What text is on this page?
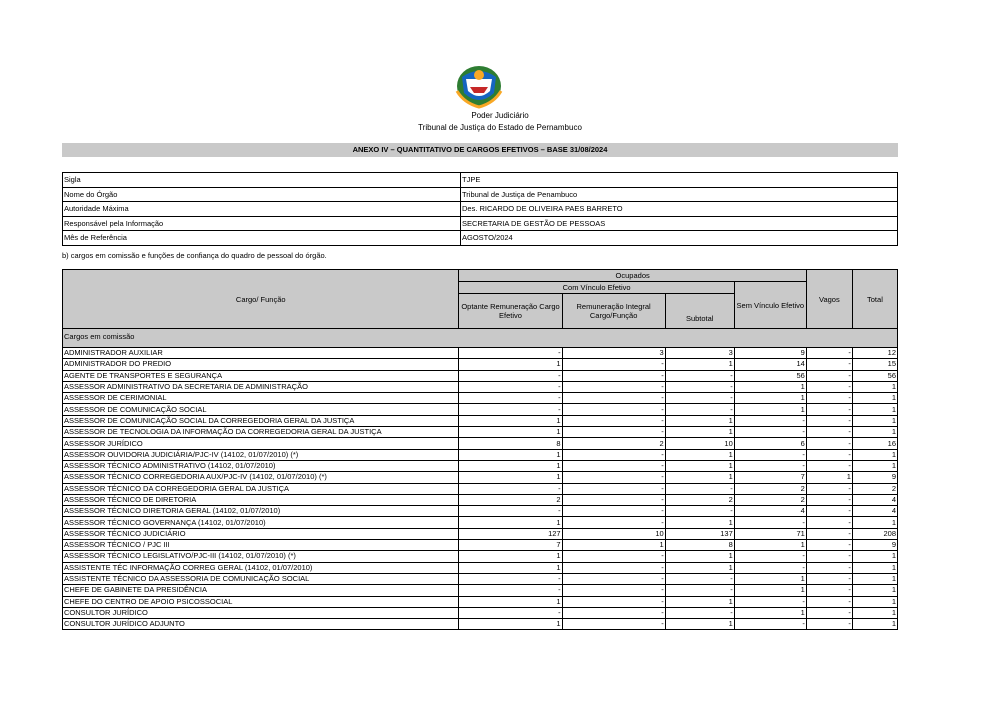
Poder Judiciário
Tribunal de Justiça do Estado de Pernambuco
ANEXO IV – QUANTITATIVO DE CARGOS EFETIVOS – BASE 31/08/2024
Sigla	TJPE
Nome do Órgão	Tribunal de Justiça de Penambuco
Autoridade Máxima	Des. RICARDO DE OLIVEIRA PAES BARRETO
Responsável pela Informação	SECRETARIA DE GESTÃO DE PESSOAS
Mês de Referência	AGOSTO/2024
b) cargos em comissão e funções de confiança do quadro de pessoal do órgão.
Cargo/ Função	Ocupados				Vagos	Total
	Com Vínculo Efetivo			Sem Vínculo Efetivo		
	Optante Remuneração Cargo Efetivo	Remuneração Integral Cargo/Função	Subtotal			
Cargos em comissão						

ADMINISTRADOR AUXILIAR	-	3	3	9	-	12
ADMINISTRADOR DO PREDIO	1	-	1	14	-	15
AGENTE DE TRANSPORTES E SEGURANÇA	-	-	-	56	-	56
ASSESSOR ADMINISTRATIVO DA SECRETARIA DE ADMINISTRAÇÃO	-	-	-	1	-	1
ASSESSOR DE CERIMONIAL	-	-	-	1	-	1
ASSESSOR DE COMUNICAÇÃO SOCIAL	-	-	-	1	-	1
ASSESSOR DE COMUNICAÇÃO SOCIAL DA CORREGEDORIA GERAL DA JUSTIÇA	1	-	1	-	-	1
ASSESSOR DE TECNOLOGIA DA INFORMAÇÃO DA CORREGEDORIA GERAL DA JUSTIÇA	1	-	1	-	-	1
ASSESSOR JURÍDICO	8	2	10	6	-	16
ASSESSOR OUVIDORIA JUDICIÁRIA/PJC-IV (14102, 01/07/2010) (*)	1	-	1	-	-	1
ASSESSOR TÉCNICO ADMINISTRATIVO (14102, 01/07/2010)	1	-	1	-	-	1
ASSESSOR TÉCNICO CORREGEDORIA AUX/PJC-IV (14102, 01/07/2010) (*)	1	-	1	7	1	9
ASSESSOR TÉCNICO DA CORREGEDORIA GERAL DA JUSTIÇA	-	-	-	2	-	2
ASSESSOR TÉCNICO DE DIRETORIA	2	-	2	2	-	4
ASSESSOR TÉCNICO DIRETORIA GERAL (14102, 01/07/2010)	-	-	-	4	-	4
ASSESSOR TÉCNICO GOVERNANÇA (14102, 01/07/2010)	1	-	1	-	-	1
ASSESSOR TÉCNICO JUDICIÁRIO	127	10	137	71	-	208
ASSESSOR TÉCNICO / PJC III	7	1	8	1	-	9
ASSESSOR TÉCNICO LEGISLATIVO/PJC-III (14102, 01/07/2010) (*)	1	-	1	-	-	1
ASSISTENTE TÉC INFORMAÇÃO CORREG GERAL (14102, 01/07/2010)	1	-	1	-	-	1
ASSISTENTE TÉCNICO DA ASSESSORIA DE COMUNICAÇÃO SOCIAL	-	-	-	1	-	1
CHEFE DE GABINETE DA PRESIDÊNCIA	-	-	-	1	-	1
CHEFE DO CENTRO DE APOIO PSICOSSOCIAL	1	-	1	-	-	1
CONSULTOR JURÍDICO	-	-	-	1	-	1
CONSULTOR JURÍDICO ADJUNTO	1	-	1	-	-	1
